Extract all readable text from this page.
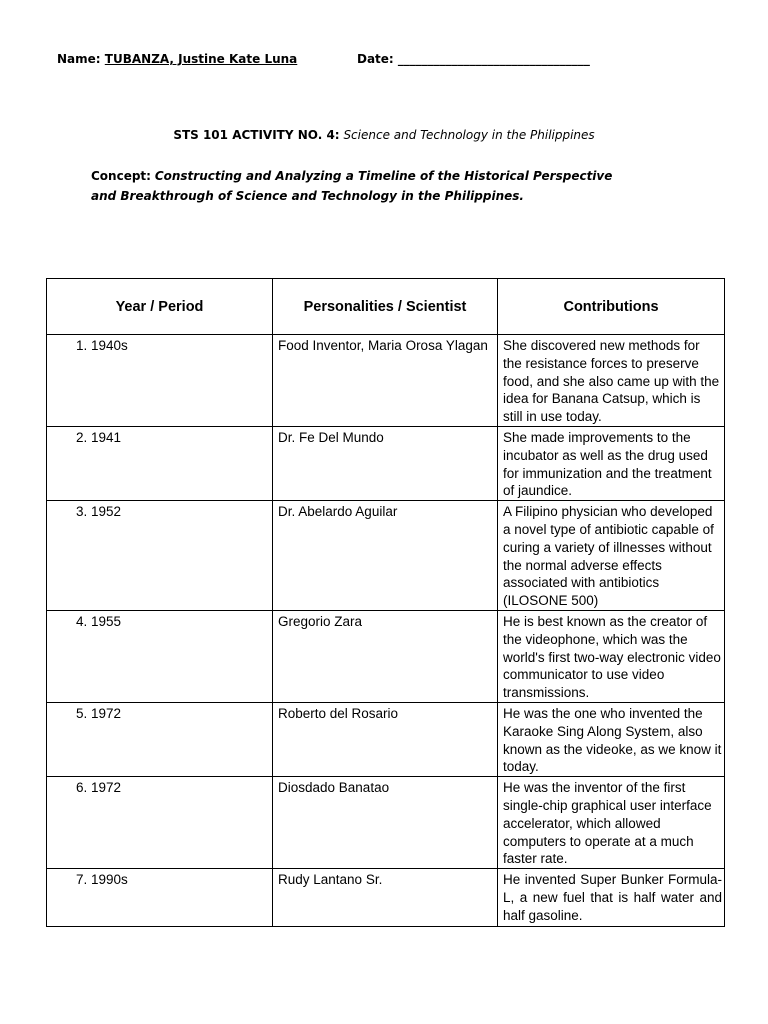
Name: TUBANZA, Justine Kate Luna	Date: ________________________________
STS 101 ACTIVITY NO. 4: Science and Technology in the Philippines
Concept: Constructing and Analyzing a Timeline of the Historical Perspective and Breakthrough of Science and Technology in the Philippines.
Year / Period	Personalities / Scientist	Contributions
1. 1940s	Food Inventor, Maria Orosa Ylagan	She discovered new methods for the resistance forces to preserve food, and she also came up with the idea for Banana Catsup, which is still in use today.
2. 1941	Dr. Fe Del Mundo	She made improvements to the incubator as well as the drug used for immunization and the treatment of jaundice.
3. 1952	Dr. Abelardo Aguilar	A Filipino physician who developed a novel type of antibiotic capable of curing a variety of illnesses without the normal adverse effects associated with antibiotics (ILOSONE 500)
4. 1955	Gregorio Zara	He is best known as the creator of the videophone, which was the world's first two-way electronic video communicator to use video transmissions.
5. 1972	Roberto del Rosario	He was the one who invented the Karaoke Sing Along System, also known as the videoke, as we know it today.
6. 1972	Diosdado Banatao	He was the inventor of the first single-chip graphical user interface accelerator, which allowed computers to operate at a much faster rate.
7. 1990s	Rudy Lantano Sr.	He invented Super Bunker Formula-L, a new fuel that is half water and half gasoline.
